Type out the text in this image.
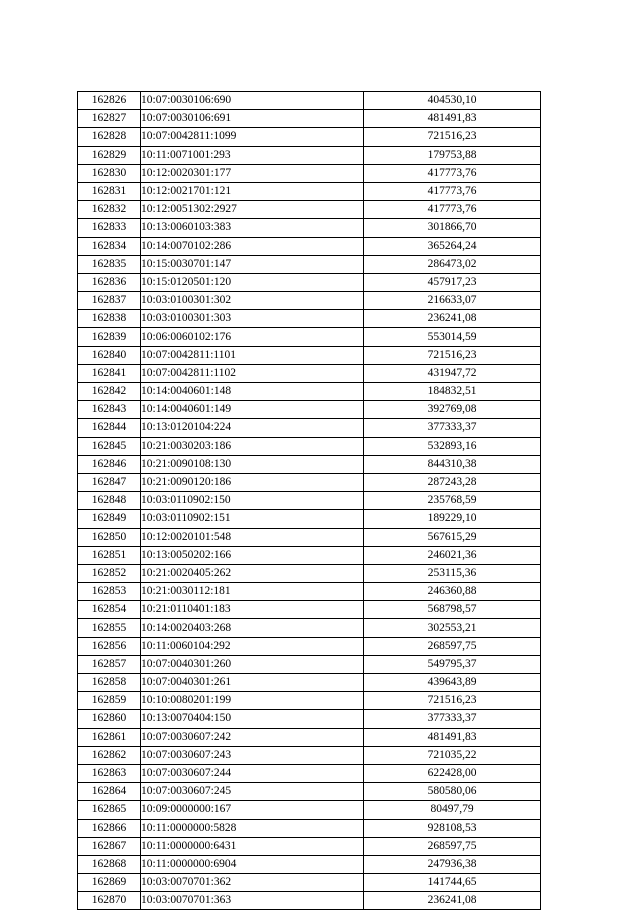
162826	10:07:0030106:690	404530,10
162827	10:07:0030106:691	481491,83
162828	10:07:0042811:1099	721516,23
162829	10:11:0071001:293	179753,88
162830	10:12:0020301:177	417773,76
162831	10:12:0021701:121	417773,76
162832	10:12:0051302:2927	417773,76
162833	10:13:0060103:383	301866,70
162834	10:14:0070102:286	365264,24
162835	10:15:0030701:147	286473,02
162836	10:15:0120501:120	457917,23
162837	10:03:0100301:302	216633,07
162838	10:03:0100301:303	236241,08
162839	10:06:0060102:176	553014,59
162840	10:07:0042811:1101	721516,23
162841	10:07:0042811:1102	431947,72
162842	10:14:0040601:148	184832,51
162843	10:14:0040601:149	392769,08
162844	10:13:0120104:224	377333,37
162845	10:21:0030203:186	532893,16
162846	10:21:0090108:130	844310,38
162847	10:21:0090120:186	287243,28
162848	10:03:0110902:150	235768,59
162849	10:03:0110902:151	189229,10
162850	10:12:0020101:548	567615,29
162851	10:13:0050202:166	246021,36
162852	10:21:0020405:262	253115,36
162853	10:21:0030112:181	246360,88
162854	10:21:0110401:183	568798,57
162855	10:14:0020403:268	302553,21
162856	10:11:0060104:292	268597,75
162857	10:07:0040301:260	549795,37
162858	10:07:0040301:261	439643,89
162859	10:10:0080201:199	721516,23
162860	10:13:0070404:150	377333,37
162861	10:07:0030607:242	481491,83
162862	10:07:0030607:243	721035,22
162863	10:07:0030607:244	622428,00
162864	10:07:0030607:245	580580,06
162865	10:09:0000000:167	80497,79
162866	10:11:0000000:5828	928108,53
162867	10:11:0000000:6431	268597,75
162868	10:11:0000000:6904	247936,38
162869	10:03:0070701:362	141744,65
162870	10:03:0070701:363	236241,08
